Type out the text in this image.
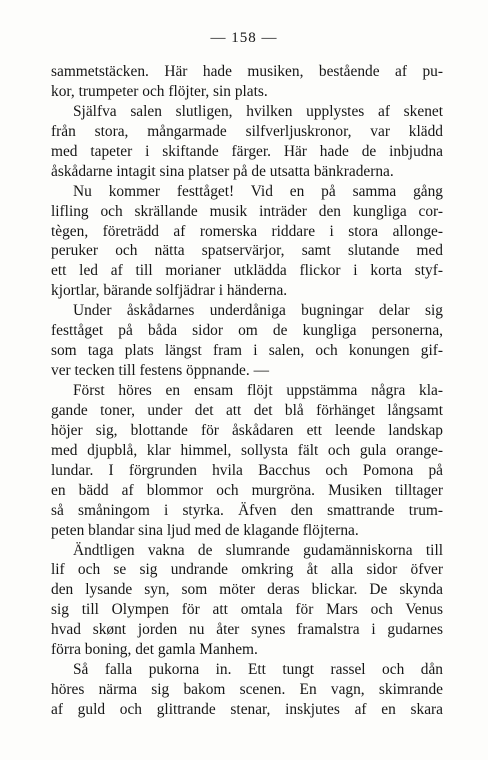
— 158 —
sammetstäcken. Här hade musiken, bestående af pu-
kor, trumpeter och flöjter, sin plats.
Själfva salen slutligen, hvilken upplystes af skenet
från stora, mångarmade silfverljuskronor, var klädd
med tapeter i skiftande färger. Här hade de inbjudna
åskådarne intagit sina platser på de utsatta bänkraderna.
Nu kommer festtåget! Vid en på samma gång
lifling och skrällande musik inträder den kungliga cor-
tègen, företrädd af romerska riddare i stora allonge-
peruker och nätta spatservärjor, samt slutande med
ett led af till morianer utklädda flickor i korta styf-
kjortlar, bärande solfjädrar i händerna.
Under åskådarnes underdåniga bugningar delar sig
festtåget på båda sidor om de kungliga personerna,
som taga plats längst fram i salen, och konungen gif-
ver tecken till festens öppnande. —
Först höres en ensam flöjt uppstämma några kla-
gande toner, under det att det blå förhänget långsamt
höjer sig, blottande för åskådaren ett leende landskap
med djupblå, klar himmel, sollysta fält och gula orange-
lundar. I förgrunden hvila Bacchus och Pomona på
en bädd af blommor och murgröna. Musiken tilltager
så småningom i styrka. Äfven den smattrande trum-
peten blandar sina ljud med de klagande flöjterna.
Ändtligen vakna de slumrande gudamänniskorna till
lif och se sig undrande omkring åt alla sidor öfver
den lysande syn, som möter deras blickar. De skynda
sig till Olympen för att omtala för Mars och Venus
hvad skønt jorden nu åter synes framalstra i gudarnes
förra boning, det gamla Manhem.
Så falla pukorna in. Ett tungt rassel och dån
höres närma sig bakom scenen. En vagn, skimrande
af guld och glittrande stenar, inskjutes af en skara
